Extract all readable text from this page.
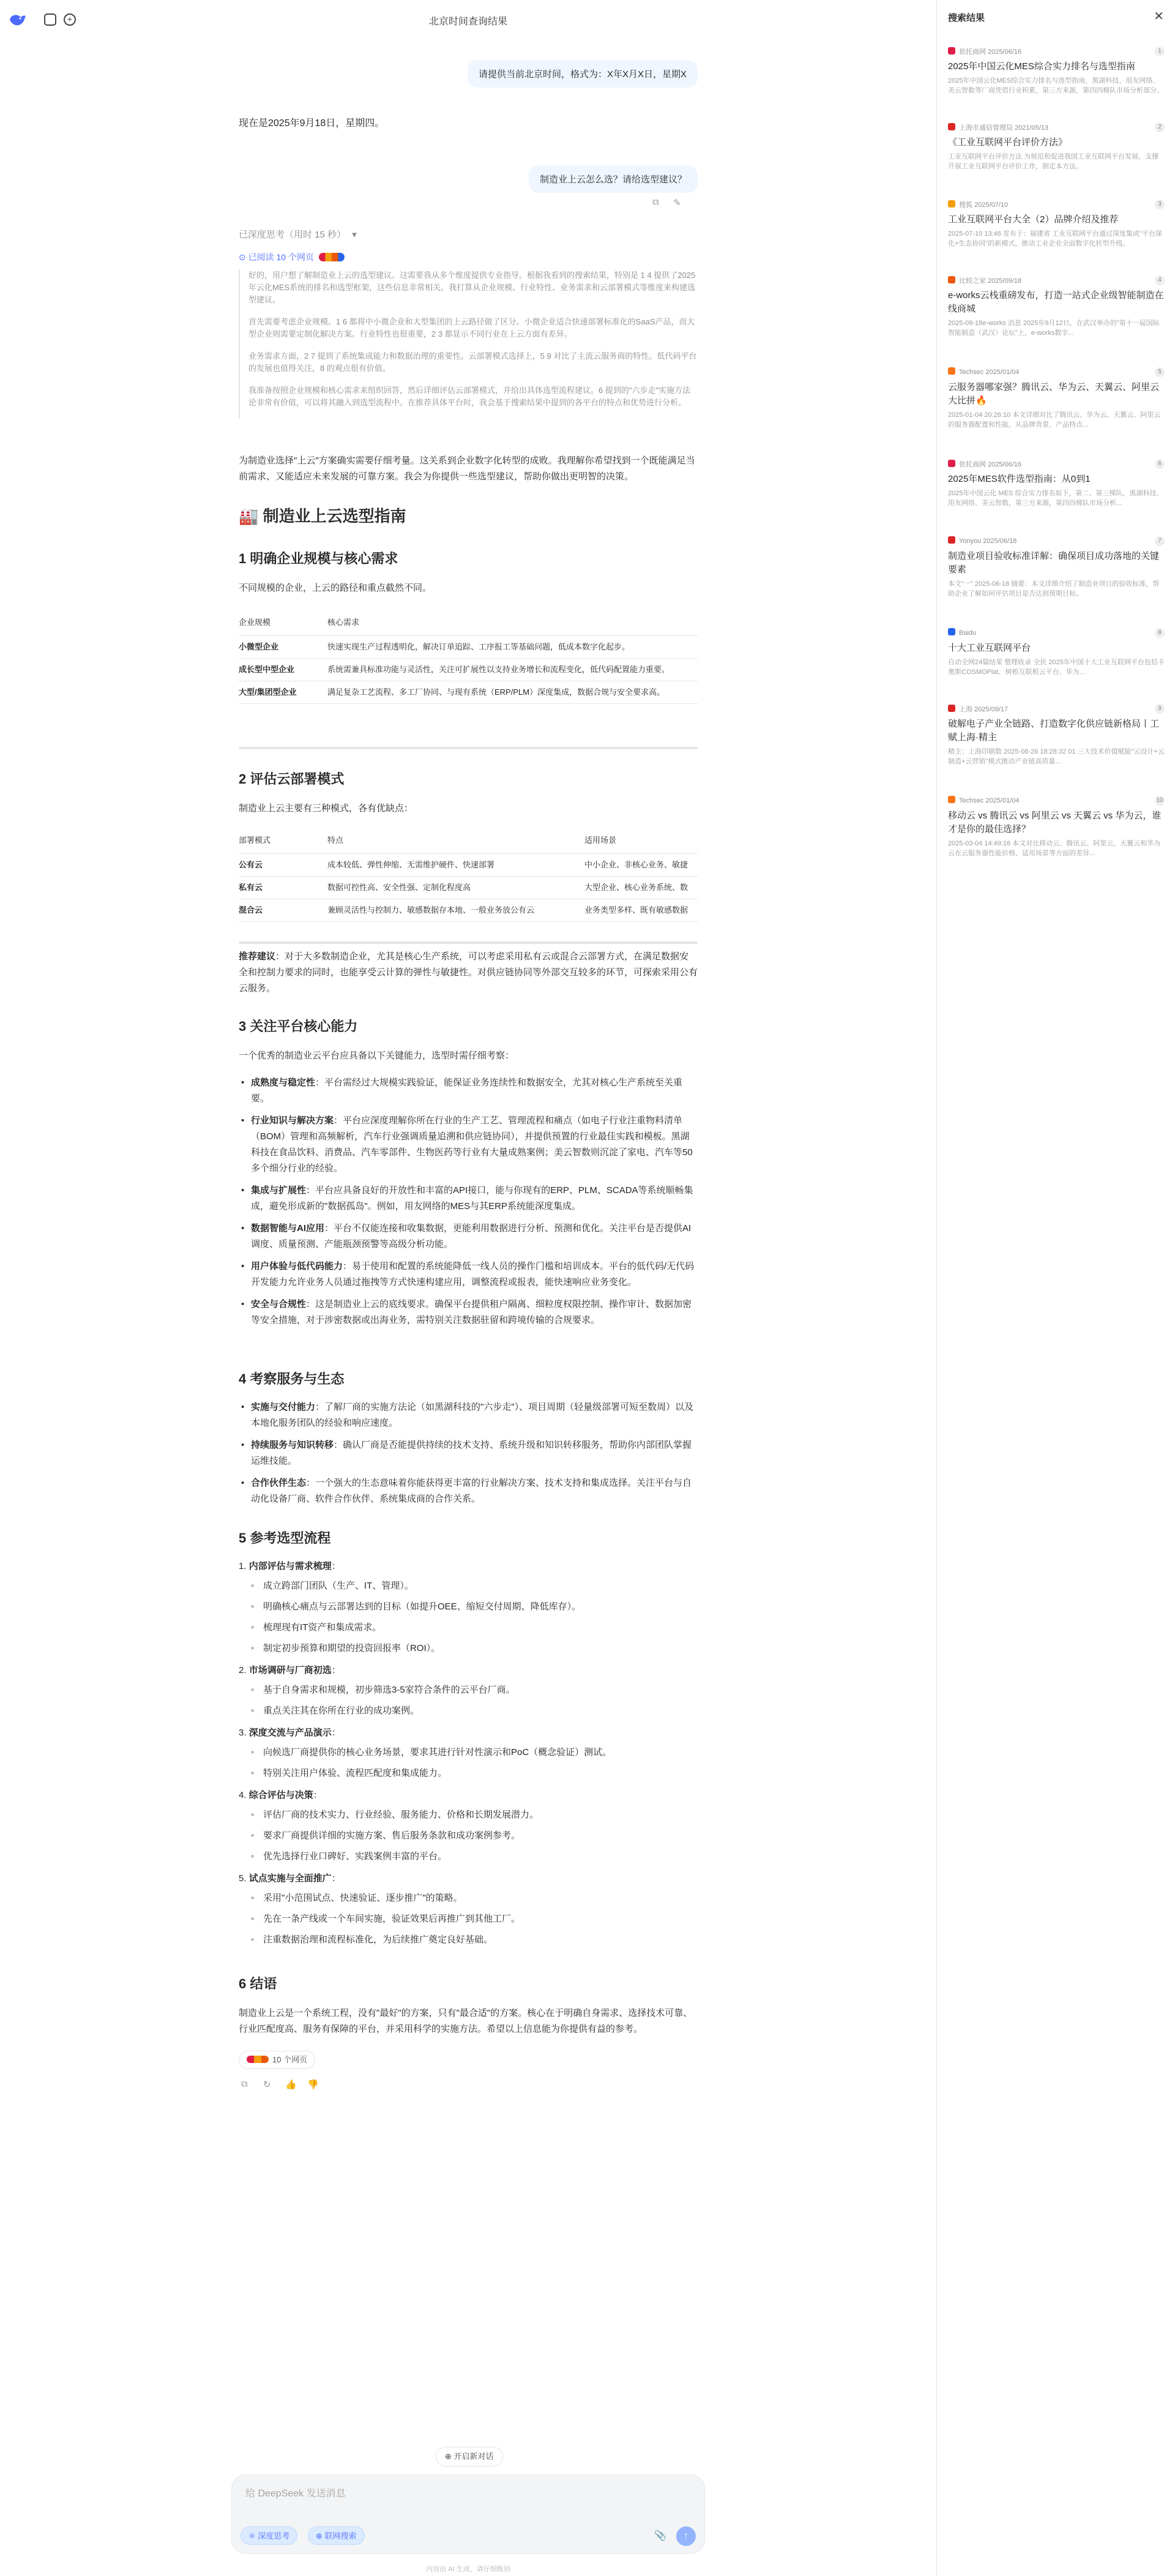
+	北京时间查询结果
请提供当前北京时间，格式为：X年X月X日，星期X
现在是2025年9月18日，星期四。
制造业上云怎么选？请给选型建议？
⧉	✎
已深度思考（用时 15 秒） ▾
⊙ 已阅读 10 个网页

好的，用户想了解制造业上云的选型建议。这需要我从多个维度提供专业指导。根据我看到的搜索结果，特别是 1 4 提供了2025年云化MES系统的排名和选型框架，这些信息非常相关。我打算从企业规模、行业特性、业务需求和云部署模式等维度来构建选型建议。

首先需要考虑企业规模。1 6 都将中小微企业和大型集团的上云路径做了区分。小微企业适合快速部署标准化的SaaS产品，而大型企业则需要定制化解决方案。行业特性也很重要，2 3 都显示不同行业在上云方面有差异。

业务需求方面，2 7 提到了系统集成能力和数据治理的重要性。云部署模式选择上，5 9 对比了主流云服务商的特性。低代码平台的发展也值得关注，8 的观点很有价值。

我准备按照企业规模和核心需求来组织回答，然后详细评估云部署模式，并给出具体选型流程建议。6 提到的"六步走"实施方法论非常有价值，可以将其融入到选型流程中。在推荐具体平台时，我会基于搜索结果中提到的各平台的特点和优势进行分析。

为制造业选择"上云"方案确实需要仔细考量。这关系到企业数字化转型的成败。我理解你希望找到一个既能满足当前需求、又能适应未来发展的可靠方案。我会为你提供一些选型建议，帮助你做出更明智的决策。
🏭 制造业上云选型指南
1 明确企业规模与核心需求
不同规模的企业，上云的路径和重点截然不同。
企业规模	核心需求
小微型企业	快速实现生产过程透明化，解决订单追踪、工序报工等基础问题，低成本数字化起步。
成长型中型企业	系统需兼具标准功能与灵活性，关注可扩展性以支持业务增长和流程变化，低代码配置能力重要。
大型/集团型企业	满足复杂工艺流程、多工厂协同、与现有系统（ERP/PLM）深度集成，数据合规与安全要求高。
2 评估云部署模式
制造业上云主要有三种模式，各有优缺点：
部署模式	特点	适用场景
公有云	成本较低、弹性伸缩、无需维护硬件、快速部署	中小企业、非核心业务、敏捷
私有云	数据可控性高、安全性强、定制化程度高	大型企业、核心业务系统、数
混合云	兼顾灵活性与控制力、敏感数据存本地、一般业务放公有云	业务类型多样、既有敏感数据
推荐建议：对于大多数制造企业，尤其是核心生产系统，可以考虑采用私有云或混合云部署方式，在满足数据安全和控制力要求的同时，也能享受云计算的弹性与敏捷性。对供应链协同等外部交互较多的环节，可探索采用公有云服务。
3 关注平台核心能力
一个优秀的制造业云平台应具备以下关键能力，选型时需仔细考察：
• 成熟度与稳定性：平台需经过大规模实践验证，能保证业务连续性和数据安全，尤其对核心生产系统至关重要。
• 行业知识与解决方案：平台应深度理解你所在行业的生产工艺、管理流程和痛点（如电子行业注重物料清单（BOM）管理和高频解析，汽车行业强调质量追溯和供应链协同），并提供预置的行业最佳实践和模板。黑湖科技在食品饮料、消费品、汽车零部件、生物医药等行业有大量成熟案例；美云智数则沉淀了家电、汽车等50多个细分行业的经验。
• 集成与扩展性：平台应具备良好的开放性和丰富的API接口，能与你现有的ERP、PLM、SCADA等系统顺畅集成，避免形成新的"数据孤岛"。例如，用友网络的MES与其ERP系统能深度集成。
• 数据智能与AI应用：平台不仅能连接和收集数据，更能利用数据进行分析、预测和优化。关注平台是否提供AI调度、质量预测、产能瓶颈预警等高级分析功能。
• 用户体验与低代码能力：易于使用和配置的系统能降低一线人员的操作门槛和培训成本。平台的低代码/无代码开发能力允许业务人员通过拖拽等方式快速构建应用，调整流程或报表，能快速响应业务变化。
• 安全与合规性：这是制造业上云的底线要求。确保平台提供租户隔离、细粒度权限控制、操作审计、数据加密等安全措施，对于涉密数据或出海业务，需特别关注数据驻留和跨境传输的合规要求。
4 考察服务与生态
• 实施与交付能力：了解厂商的实施方法论（如黑湖科技的"六步走"）、项目周期（轻量级部署可短至数周）以及本地化服务团队的经验和响应速度。
• 持续服务与知识转移：确认厂商是否能提供持续的技术支持、系统升级和知识转移服务，帮助你内部团队掌握运维技能。
• 合作伙伴生态：一个强大的生态意味着你能获得更丰富的行业解决方案、技术支持和集成选择。关注平台与自动化设备厂商、软件合作伙伴、系统集成商的合作关系。
5 参考选型流程
1. 内部评估与需求梳理：
◦ 成立跨部门团队（生产、IT、管理）。
◦ 明确核心痛点与云部署达到的目标（如提升OEE、缩短交付周期、降低库存）。
◦ 梳理现有IT资产和集成需求。
◦ 制定初步预算和期望的投资回报率（ROI）。
2. 市场调研与厂商初选：
◦ 基于自身需求和规模，初步筛选3-5家符合条件的云平台厂商。
◦ 重点关注其在你所在行业的成功案例。
3. 深度交流与产品演示：
◦ 向候选厂商提供你的核心业务场景，要求其进行针对性演示和PoC（概念验证）测试。
◦ 特别关注用户体验、流程匹配度和集成能力。
4. 综合评估与决策：
◦ 评估厂商的技术实力、行业经验、服务能力、价格和长期发展潜力。
◦ 要求厂商提供详细的实施方案、售后服务条款和成功案例参考。
◦ 优先选择行业口碑好、实践案例丰富的平台。
5. 试点实施与全面推广：
◦ 采用"小范围试点、快速验证、逐步推广"的策略。
◦ 先在一条产线或一个车间实施，验证效果后再推广到其他工厂。
◦ 注重数据治理和流程标准化，为后续推广奠定良好基础。
6 结语
制造业上云是一个系统工程，没有"最好"的方案，只有"最合适"的方案。核心在于明确自身需求、选择技术可靠、行业匹配度高、服务有保障的平台，并采用科学的实施方法。希望以上信息能为你提供有益的参考。
10 个网页
⧉	↻	👍 👎
⊕ 开启新对话
给 DeepSeek 发送消息
⚛ 深度思考	⊕ 联网搜索	📎	↑
内容由 AI 生成，请仔细甄别
搜索结果	✕
依托商网 2025/06/16	1
2025年中国云化MES综合实力排名与选型指南
2025年中国云化MES综合实力排名与选型指南，黑湖科技、用友网络、美云智数等厂商凭借行业积累，第三方来源，第四四梯队市场分析部分。
上海市通信管理局 2021/05/13	2
《工业互联网平台评价方法》
工业互联网平台评价方法 为规范和促进我国工业互联网平台发展，支撑开展工业互联网平台评价工作，制定本方法。
搜狐 2025/07/10	3
工业互联网平台大全（2）品牌介绍及推荐
2025-07-10 13:46 发布于：福建省 工业互联网平台通过深度集成"平台深化+生态协同"的新模式，推动工业企业全面数字化转型升级。
比较之家 2025/09/18	4
e-works云栈重磅发布，打造一站式企业级智能制造在线商城
2025-09-18e-works 消息 2025年9月12日，在武汉举办的"第十一届国际智能制造（武汉）论坛"上，e-works数字...
Techsec 2025/01/04	5
云服务器哪家强？腾讯云、华为云、天翼云、阿里云大比拼🔥
2025-01-04 20:26:10 本文详细对比了腾讯云、华为云、天翼云、阿里云的服务器配置和性能，从品牌背景、产品特点...
依托商网 2025/06/16	6
2025年MES软件选型指南：从0到1
2025年中国云化 MES 综合实力排名如下，第二、第三梯队，黑湖科技、用友网络、美云智数，第三方来源，第四四梯队市场分析...
Yonyou 2025/06/18	7
制造业项目验收标准详解：确保项目成功落地的关键要素
本文"一" 2025-06-18 摘要：本文详细介绍了制造业项目的验收标准，帮助企业了解如何评估项目是否达到预期目标。
Baidu	8
十大工业互联网平台
自动全网24篇结果 整理收录 全民 2025年中国十大工业互联网平台包括卡奥斯COSMOPlat、树根互联根云平台、华为...
上海 2025/09/17	9
破解电子产业全链路、打造数字化供应链新格局丨工赋上海·精主
精主：上海印刷数 2025-08-26 18:28:32 01 三大技术价值赋能"云设计+云制造+云营销"模式推动产业链高质量...
Techsec 2025/01/04	10
移动云 vs 腾讯云 vs 阿里云 vs 天翼云 vs 华为云，谁才是你的最佳选择？
2025-03-04 14:49:16 本文对比移动云、腾讯云、阿里云、天翼云和华为云在云服务器性能价格、适用场景等方面的差异...
